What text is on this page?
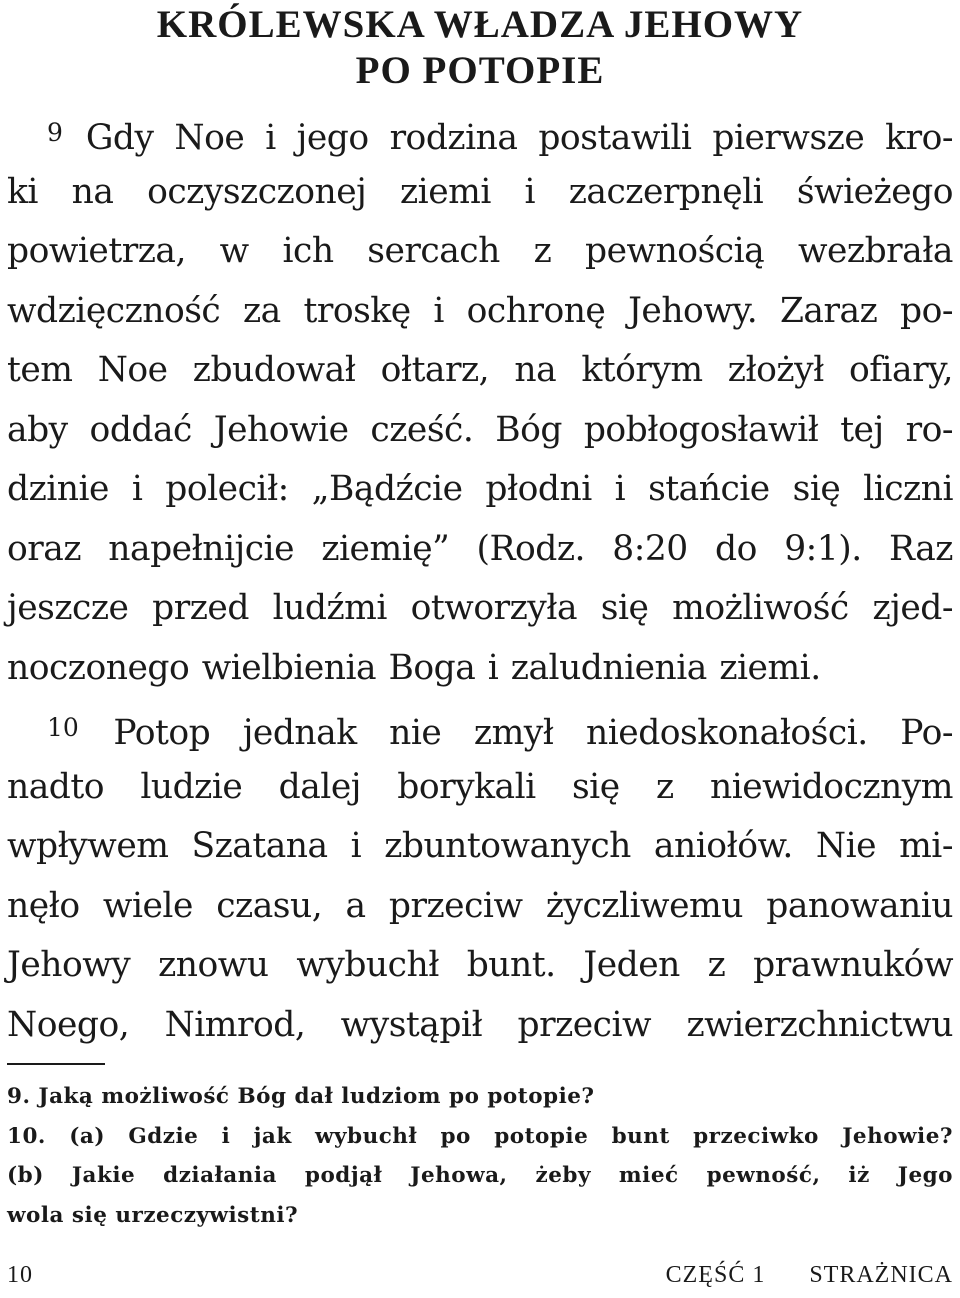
KRÓLEWSKA WŁADZA JEHOWY
PO POTOPIE
$^9$ Gdy Noe i jego rodzina postawili pierwsze kro-
ki na oczyszczonej ziemi i zaczerpnęli świeżego
powietrza, w ich sercach z pewnością wezbrała
wdzięczność za troskę i ochronę Jehowy. Zaraz po-
tem Noe zbudował ołtarz, na którym złożył ofiary,
aby oddać Jehowie cześć. Bóg pobłogosławił tej ro-
dzinie i polecił: „Bądźcie płodni i stańcie się liczni
oraz napełnijcie ziemię” (Rodz. 8:20 do 9:1). Raz
jeszcze przed ludźmi otworzyła się możliwość zjed-
noczonego wielbienia Boga i zaludnienia ziemi.
$^{10}$ Potop jednak nie zmył niedoskonałości. Po-
nadto ludzie dalej borykali się z niewidocznym
wpływem Szatana i zbuntowanych aniołów. Nie mi-
nęło wiele czasu, a przeciw życzliwemu panowaniu
Jehowy znowu wybuchł bunt. Jeden z prawnuków
Noego, Nimrod, wystąpił przeciw zwierzchnictwu
9. Jaką możliwość Bóg dał ludziom po potopie?
10. (a) Gdzie i jak wybuchł po potopie bunt przeciwko Jehowie?
(b) Jakie działania podjął Jehowa, żeby mieć pewność, iż Jego
wola się urzeczywistni?
10	CZĘŚĆ 1 STRAŻNICA
